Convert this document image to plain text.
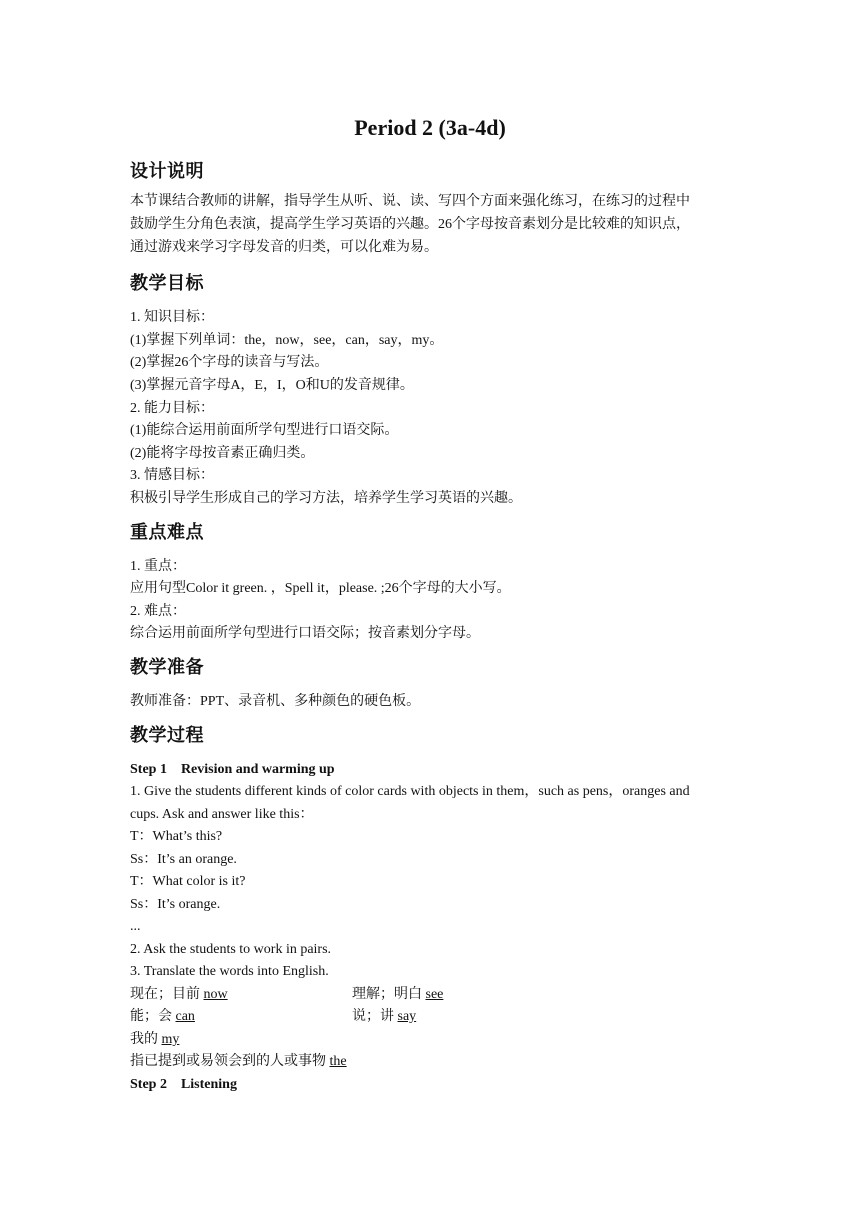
Period 2 (3a-4d)
设计说明
本节课结合教师的讲解，指导学生从听、说、读、写四个方面来强化练习，在练习的过程中
鼓励学生分角色表演，提高学生学习英语的兴趣。26个字母按音素划分是比较难的知识点，
通过游戏来学习字母发音的归类，可以化难为易。
教学目标
1. 知识目标：
(1)掌握下列单词：the，now，see，can，say，my。
(2)掌握26个字母的读音与写法。
(3)掌握元音字母A，E，I，O和U的发音规律。
2. 能力目标：
(1)能综合运用前面所学句型进行口语交际。
(2)能将字母按音素正确归类。
3. 情感目标：
积极引导学生形成自己的学习方法，培养学生学习英语的兴趣。
重点难点
1. 重点：
应用句型Color it green. ，Spell it，please. ;26个字母的大小写。
2. 难点：
综合运用前面所学句型进行口语交际；按音素划分字母。
教学准备
教师准备：PPT、录音机、多种颜色的硬色板。
教学过程
Step 1　Revision and warming up
1. Give the students different kinds of color cards with objects in them，such as pens，oranges and
cups. Ask and answer like this：
T：What’s this?
Ss：It’s an orange.
T：What color is it?
Ss：It’s orange.
...
2. Ask the students to work in pairs.
3. Translate the words into English.
现在；目前 now	理解；明白 see
能；会 can	说；讲 say
我的 my
指已提到或易领会到的人或事物 the
Step 2　Listening
